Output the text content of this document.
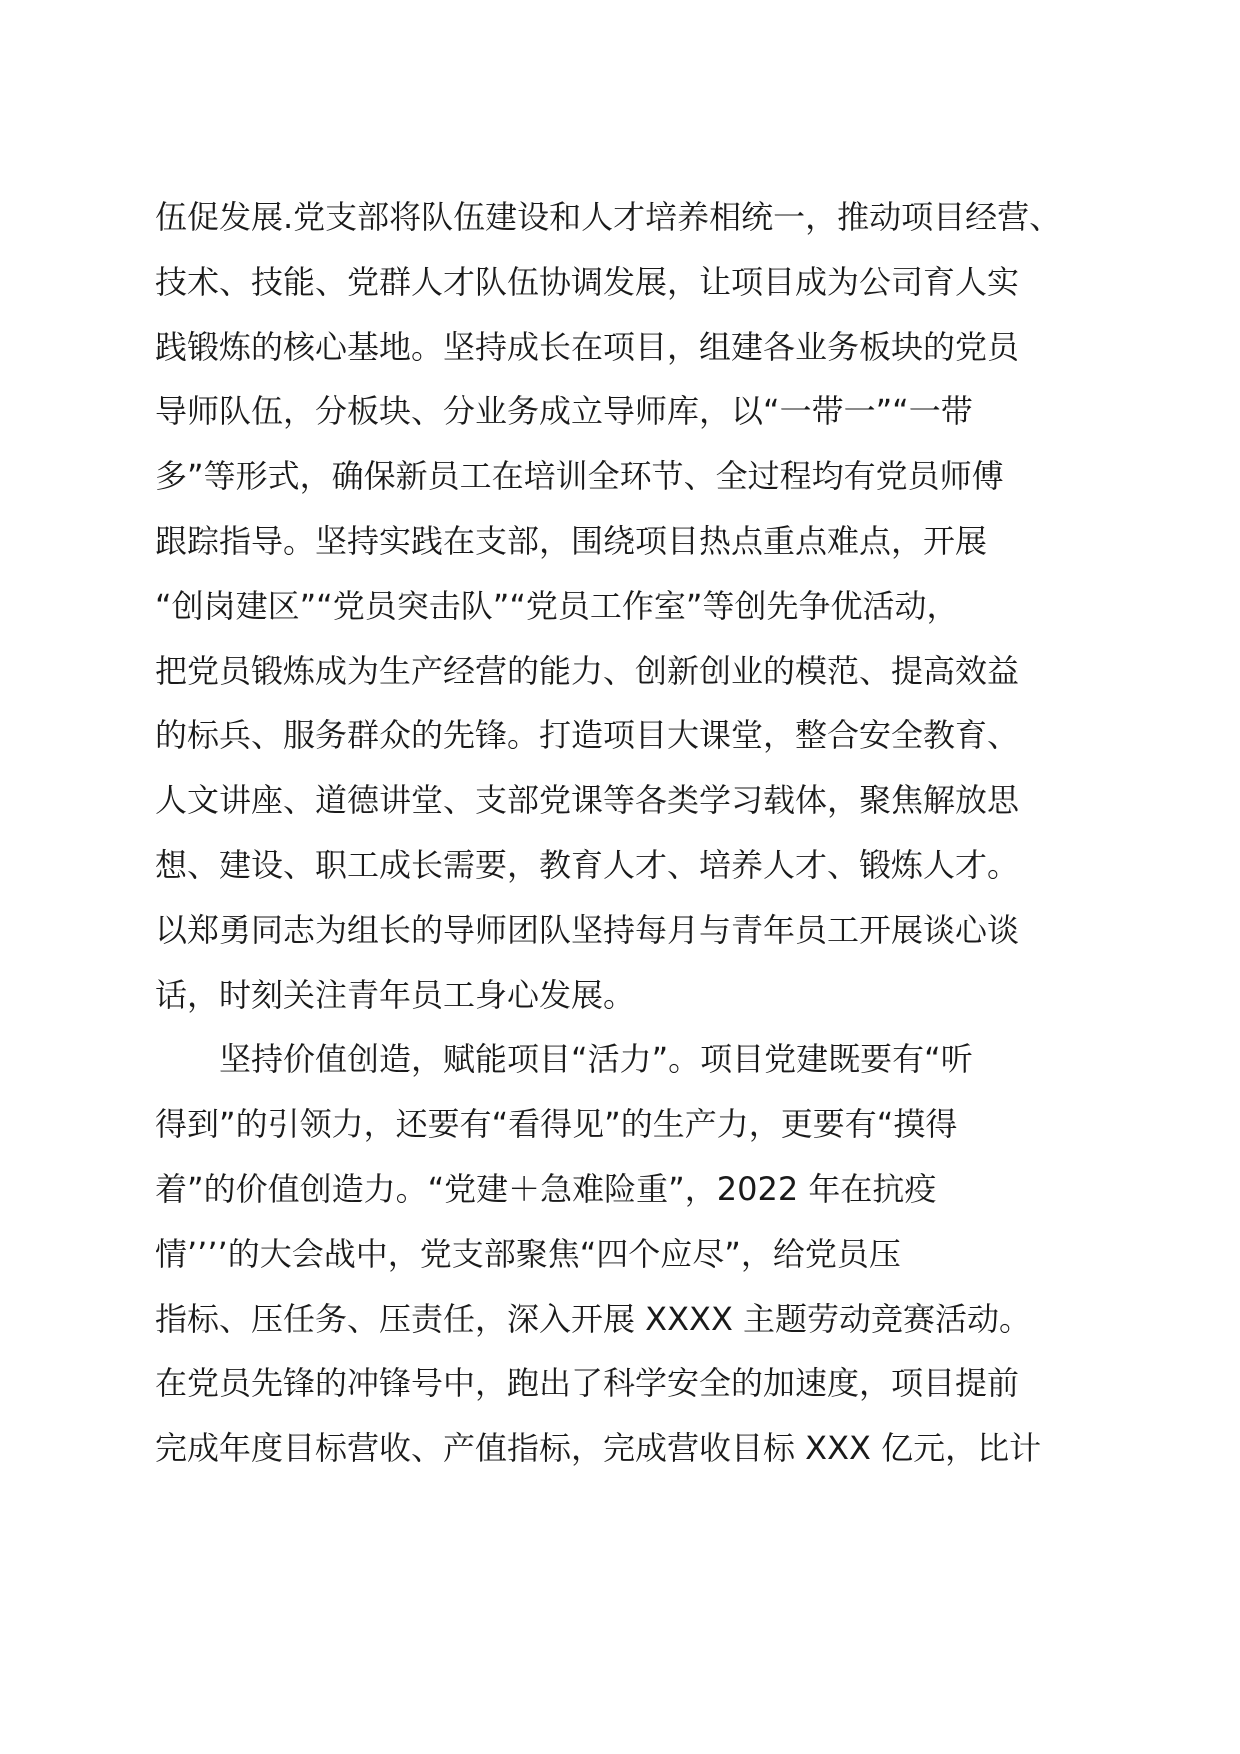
伍促发展.党支部将队伍建设和人才培养相统一，推动项目经营、
技术、技能、党群人才队伍协调发展，让项目成为公司育人实
践锻炼的核心基地。坚持成长在项目，组建各业务板块的党员
导师队伍，分板块、分业务成立导师库，以“一带一”“一带
多”等形式，确保新员工在培训全环节、全过程均有党员师傅
跟踪指导。坚持实践在支部，围绕项目热点重点难点，开展
“创岗建区”“党员突击队”“党员工作室”等创先争优活动，
把党员锻炼成为生产经营的能力、创新创业的模范、提高效益
的标兵、服务群众的先锋。打造项目大课堂，整合安全教育、
人文讲座、道德讲堂、支部党课等各类学习载体，聚焦解放思
想、建设、职工成长需要，教育人才、培养人才、锻炼人才。
以郑勇同志为组长的导师团队坚持每月与青年员工开展谈心谈
话，时刻关注青年员工身心发展。
坚持价值创造，赋能项目“活力”。项目党建既要有“听
得到”的引领力，还要有“看得见”的生产力，更要有“摸得
着”的价值创造力。“党建＋急难险重”，2022 年在抗疫
情’’’’的大会战中，党支部聚焦“四个应尽”，给党员压
指标、压任务、压责任，深入开展 XXXX 主题劳动竞赛活动。
在党员先锋的冲锋号中，跑出了科学安全的加速度，项目提前
完成年度目标营收、产值指标，完成营收目标 XXX 亿元，比计
